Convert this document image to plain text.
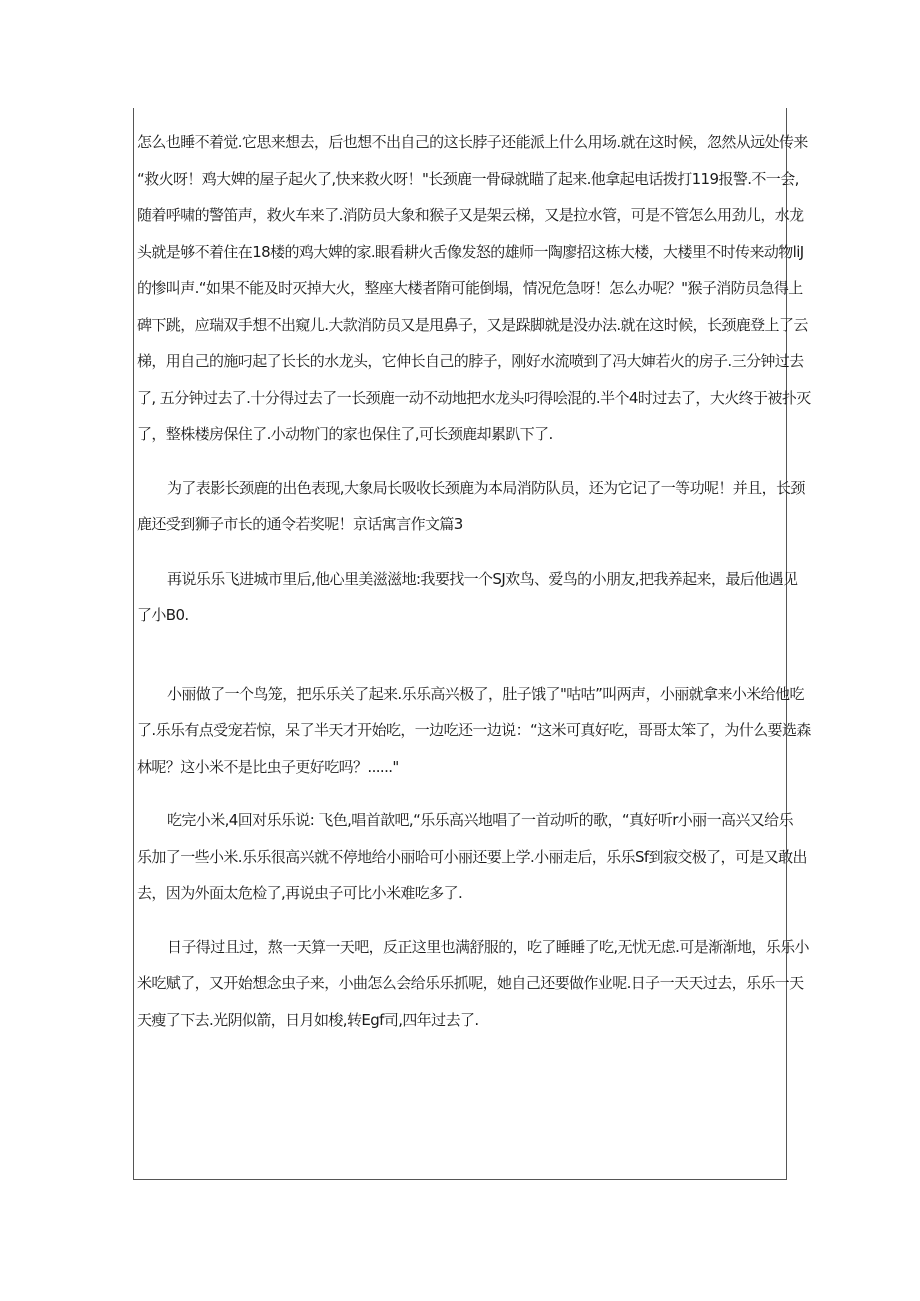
怎么也睡不着觉.它思来想去，后也想不出自己的这长脖子还能派上什么用场.就在这时候，忽然从远处传来
“救火呀！鸡大婢的屋子起火了,快来救火呀！"长颈鹿一骨碌就瞄了起来.他拿起电话拨打119报警.不一会,
随着呼啸的警笛声，救火车来了.消防员大象和猴子又是架云梯，又是拉水管，可是不管怎么用劲儿，水龙
头就是够不着住在18楼的鸡大婢的家.眼看耕火舌像发怒的雄师一陶廖招这栋大楼，大楼里不时传来动物liJ
的惨叫声.“如果不能及时灭掉大火，整座大楼者隋可能倒塌，情况危急呀！怎么办呢？"猴子消防员急得上
碑下跳，应瑞双手想不出窥儿.大款消防员又是甩鼻子，又是跺脚就是没办法.就在这时候，长颈鹿登上了云
梯，用自己的施叼起了长长的水龙头，它伸长自己的脖子，刚好水流喷到了冯大婶若火的房子.三分钟过去
了, 五分钟过去了.十分得过去了一长颈鹿一动不动地把水龙头叼得哙混的.半个4时过去了，大火终于被扑灭
了，整株楼房保住了.小动物门的家也保住了,可长颈鹿却累趴下了.

为了表影长颈鹿的出色表现,大象局长吸收长颈鹿为本局消防队员，还为它记了一等功呢！并且，长颈
鹿还受到狮子市长的通令若奖呢！京话寓言作文篇3

再说乐乐飞进城市里后,他心里美滋滋地:我要找一个SJ欢鸟、爱鸟的小朋友,把我养起来，最后他遇见
了小B0.

小丽做了一个鸟笼，把乐乐关了起来.乐乐高兴极了，肚子饿了"咕咕”叫两声，小丽就拿来小米给他吃
了.乐乐有点受宠若惊，呆了半天才开始吃，一边吃还一边说：“这米可真好吃，哥哥太笨了，为什么要选森
林呢？这小米不是比虫子更好吃吗？......"

吃完小米,4回对乐乐说: 飞色,唱首歆吧,“乐乐高兴地唱了一首动听的歌，“真好听r小丽一高兴又给乐
乐加了一些小米.乐乐很高兴就不停地给小丽哈可小丽还要上学.小丽走后，乐乐Sf到寂交极了，可是又敢出
去，因为外面太危检了,再说虫子可比小米难吃多了.

日子得过且过，熬一天算一天吧，反正这里也满舒服的，吃了睡睡了吃,无忧无虑.可是渐渐地，乐乐小
米吃赋了，又开始想念虫子来，小曲怎么会给乐乐抓呢，她自己还要做作业呢.日子一天天过去，乐乐一天
天瘦了下去.光阴似箭，日月如梭,转Egf司,四年过去了.
